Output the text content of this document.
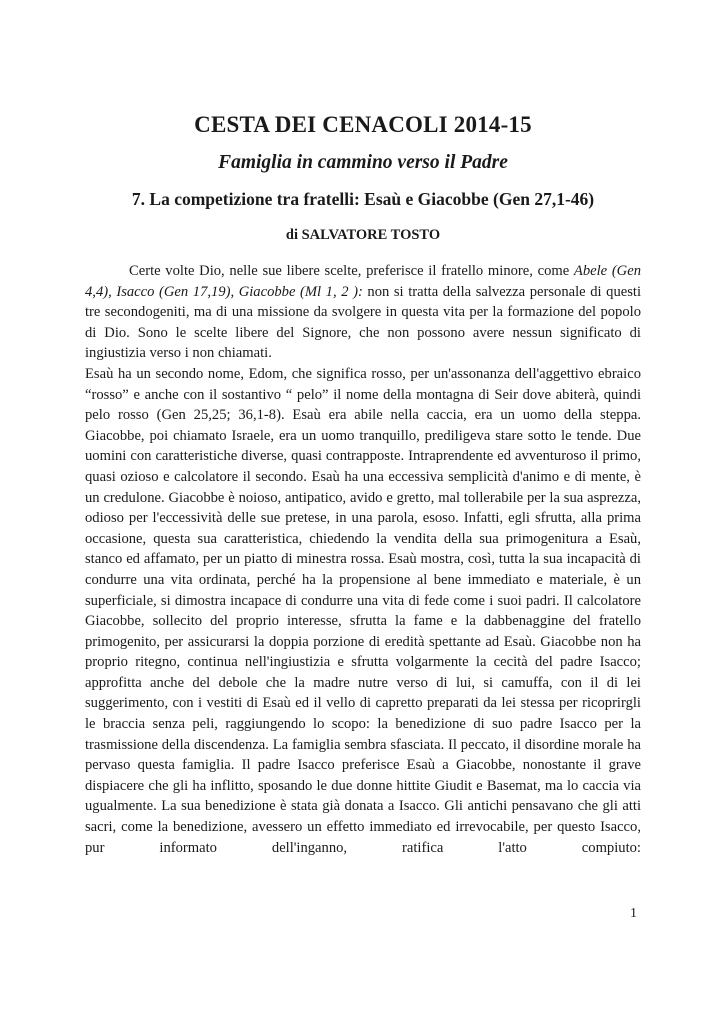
CESTA DEI CENACOLI 2014-15
Famiglia in cammino verso il Padre
7. La competizione tra fratelli: Esaù e Giacobbe (Gen 27,1-46)
di SALVATORE TOSTO

Certe volte Dio, nelle sue libere scelte, preferisce il fratello minore, come Abele (Gen 4,4), Isacco (Gen 17,19), Giacobbe (Ml 1, 2 ): non si tratta della salvezza personale di questi tre secondogeniti, ma di una missione da svolgere in questa vita per la formazione del popolo di Dio. Sono le scelte libere del Signore, che non possono avere nessun significato di ingiustizia verso i non chiamati.

Esaù ha un secondo nome, Edom, che significa rosso, per un'assonanza dell'aggettivo ebraico “rosso” e anche con il sostantivo “ pelo” il nome della montagna di Seir dove abiterà, quindi pelo rosso (Gen 25,25; 36,1-8). Esaù era abile nella caccia, era un uomo della steppa. Giacobbe, poi chiamato Israele, era un uomo tranquillo, prediligeva stare sotto le tende. Due uomini con caratteristiche diverse, quasi contrapposte. Intraprendente ed avventuroso il primo, quasi ozioso e calcolatore il secondo. Esaù ha una eccessiva semplicità d'animo e di mente, è un credulone. Giacobbe è noioso, antipatico, avido e gretto, mal tollerabile per la sua asprezza, odioso per l'eccessività delle sue pretese, in una parola, esoso. Infatti, egli sfrutta, alla prima occasione, questa sua caratteristica, chiedendo la vendita della sua primogenitura a Esaù, stanco ed affamato, per un piatto di minestra rossa. Esaù mostra, così, tutta la sua incapacità di condurre una vita ordinata, perché ha la propensione al bene immediato e materiale, è un superficiale, si dimostra incapace di condurre una vita di fede come i suoi padri. Il calcolatore Giacobbe, sollecito del proprio interesse, sfrutta la fame e la dabbenaggine del fratello primogenito, per assicurarsi la doppia porzione di eredità spettante ad Esaù. Giacobbe non ha proprio ritegno, continua nell'ingiustizia e sfrutta volgarmente la cecità del padre Isacco; approfitta anche del debole che la madre nutre verso di lui, si camuffa, con il di lei suggerimento, con i vestiti di Esaù ed il vello di capretto preparati da lei stessa per ricoprirgli le braccia senza peli, raggiungendo lo scopo: la benedizione di suo padre Isacco per la trasmissione della discendenza. La famiglia sembra sfasciata. Il peccato, il disordine morale ha pervaso questa famiglia. Il padre Isacco preferisce Esaù a Giacobbe, nonostante il grave dispiacere che gli ha inflitto, sposando le due donne hittite Giudit e Basemat, ma lo caccia via ugualmente. La sua benedizione è stata già donata a Isacco. Gli antichi pensavano che gli atti sacri, come la benedizione, avessero un effetto immediato ed irrevocabile, per questo Isacco, pur informato dell'inganno, ratifica l'atto compiuto:

1
